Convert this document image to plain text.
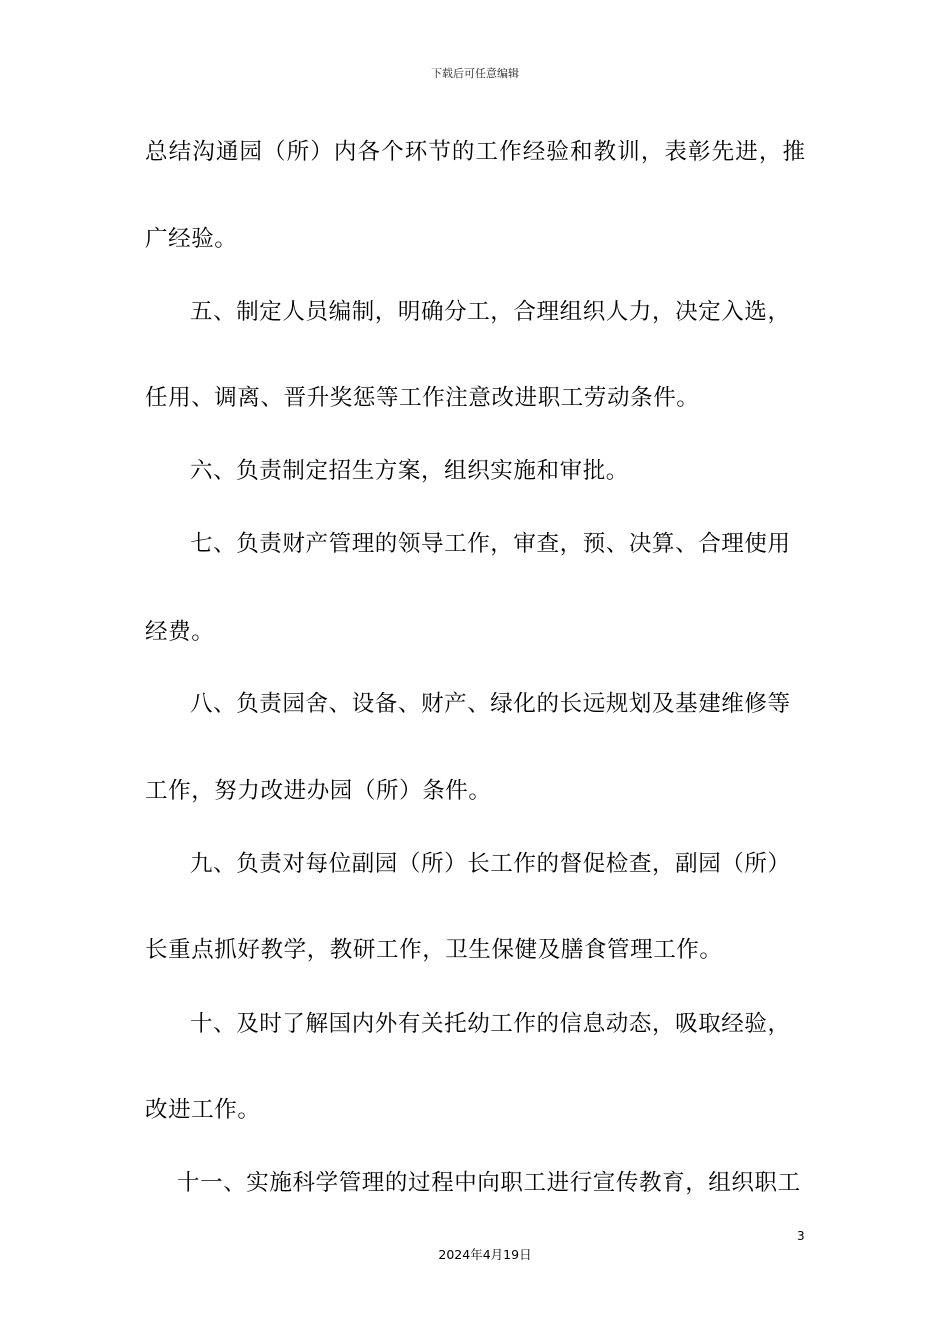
下载后可任意编辑
总结沟通园（所）内各个环节的工作经验和教训，表彰先进，推
广经验。
五、制定人员编制，明确分工，合理组织人力，决定入选，
任用、调离、晋升奖惩等工作注意改进职工劳动条件。
六、负责制定招生方案，组织实施和审批。
七、负责财产管理的领导工作，审查，预、决算、合理使用
经费。
八、负责园舍、设备、财产、绿化的长远规划及基建维修等
工作，努力改进办园（所）条件。
九、负责对每位副园（所）长工作的督促检查，副园（所）
长重点抓好教学，教研工作，卫生保健及膳食管理工作。
十、及时了解国内外有关托幼工作的信息动态，吸取经验，
改进工作。
十一、实施科学管理的过程中向职工进行宣传教育，组织职工
3
2024年4月19日
